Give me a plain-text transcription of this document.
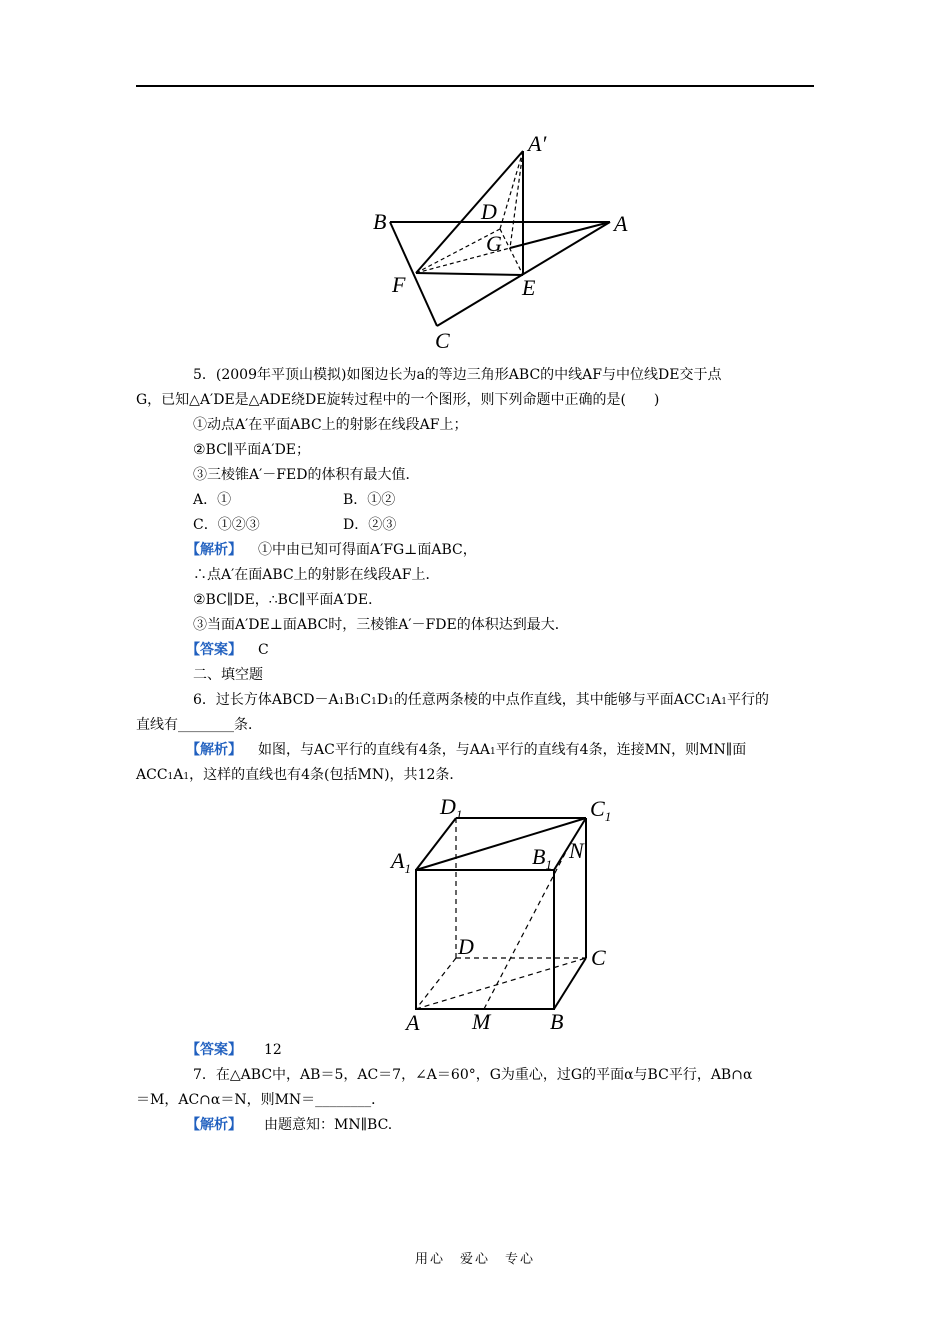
A′
A
B
C
D
E
F
G
5．(2009年平顶山模拟)如图边长为a的等边三角形ABC的中线AF与中位线DE交于点
G，已知△A′DE是△ADE绕DE旋转过程中的一个图形，则下列命题中正确的是(　　)
①动点A′在平面ABC上的射影在线段AF上；
②BC∥平面A′DE；
③三棱锥A′－FED的体积有最大值．
A．①	B．①②
C．①②③	D．②③
【解析】 ①中由已知可得面A′FG⊥面ABC，
∴点A′在面ABC上的射影在线段AF上．
②BC∥DE，∴BC∥平面A′DE．
③当面A′DE⊥面ABC时，三棱锥A′－FDE的体积达到最大．
【答案】 C
二、填空题
6．过长方体ABCD－A1B1C1D1的任意两条棱的中点作直线，其中能够与平面ACC1A1平行的
直线有________条．
【解析】 如图，与AC平行的直线有4条，与AA1平行的直线有4条，连接MN，则MN∥面
ACC1A1，这样的直线也有4条(包括MN)，共12条．
$D_1$	$C_1$
$A_1$	$B_1$
N
D	C
A M	B
【答案】 12
7．在△ABC中，AB＝5，AC＝7，∠A＝60°，G为重心，过G的平面α与BC平行，AB∩α
＝M，AC∩α＝N，则MN＝________．
【解析】 由题意知：MN∥BC.
用心　爱心　专心
